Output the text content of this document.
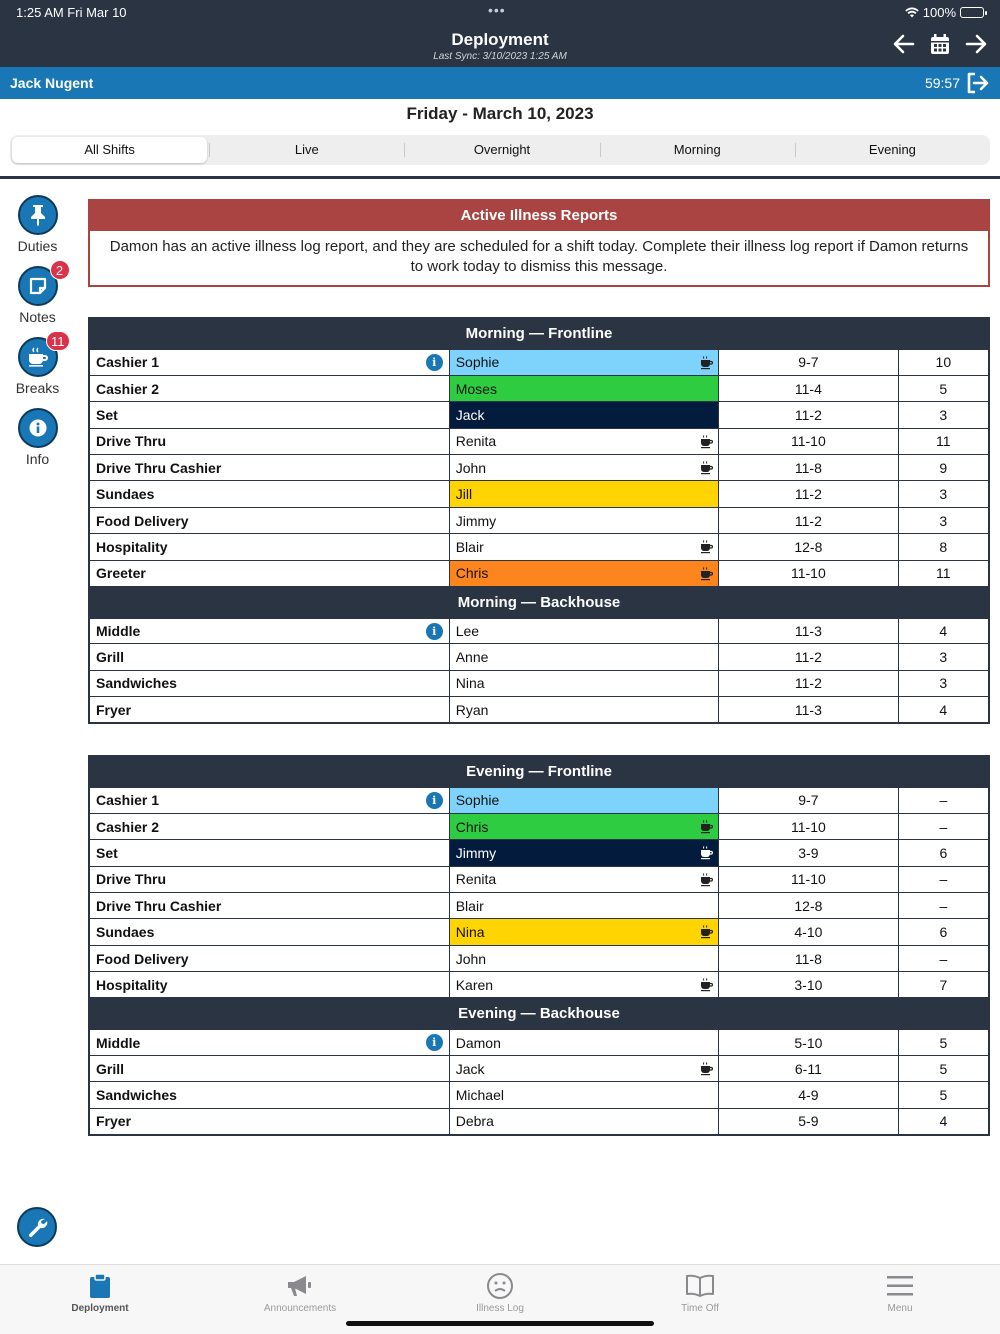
1:25 AM Fri Mar 10	•••	100%
Deployment
Last Sync: 3/10/2023 1:25 AM
Jack Nugent	59:57
Friday - March 10, 2023
All Shifts	Live	Overnight	Morning	Evening
Duties
2
Notes
11
Breaks
Info
Active Illness Reports
Damon has an active illness log report, and they are scheduled for a shift today. Complete their illness log report if Damon returns to work today to dismiss this message.
Morning — Frontline			
Cashier 1 i	Sophie	9-7	10
Cashier 2	Moses	11-4	5
Set	Jack	11-2	3
Drive Thru	Renita	11-10	11
Drive Thru Cashier	John	11-8	9
Sundaes	Jill	11-2	3
Food Delivery	Jimmy	11-2	3
Hospitality	Blair	12-8	8
Greeter	Chris	11-10	11
Morning — Backhouse			
Middle i	Lee	11-3	4
Grill	Anne	11-2	3
Sandwiches	Nina	11-2	3
Fryer	Ryan	11-3	4
Evening — Frontline			
Cashier 1 i	Sophie	9-7	–
Cashier 2	Chris	11-10	–
Set	Jimmy	3-9	6
Drive Thru	Renita	11-10	–
Drive Thru Cashier	Blair	12-8	–
Sundaes	Nina	4-10	6
Food Delivery	John	11-8	–
Hospitality	Karen	3-10	7
Evening — Backhouse			
Middle i	Damon	5-10	5
Grill	Jack	6-11	5
Sandwiches	Michael	4-9	5
Fryer	Debra	5-9	4
Deployment	Announcements	Illness Log	Time Off	Menu
